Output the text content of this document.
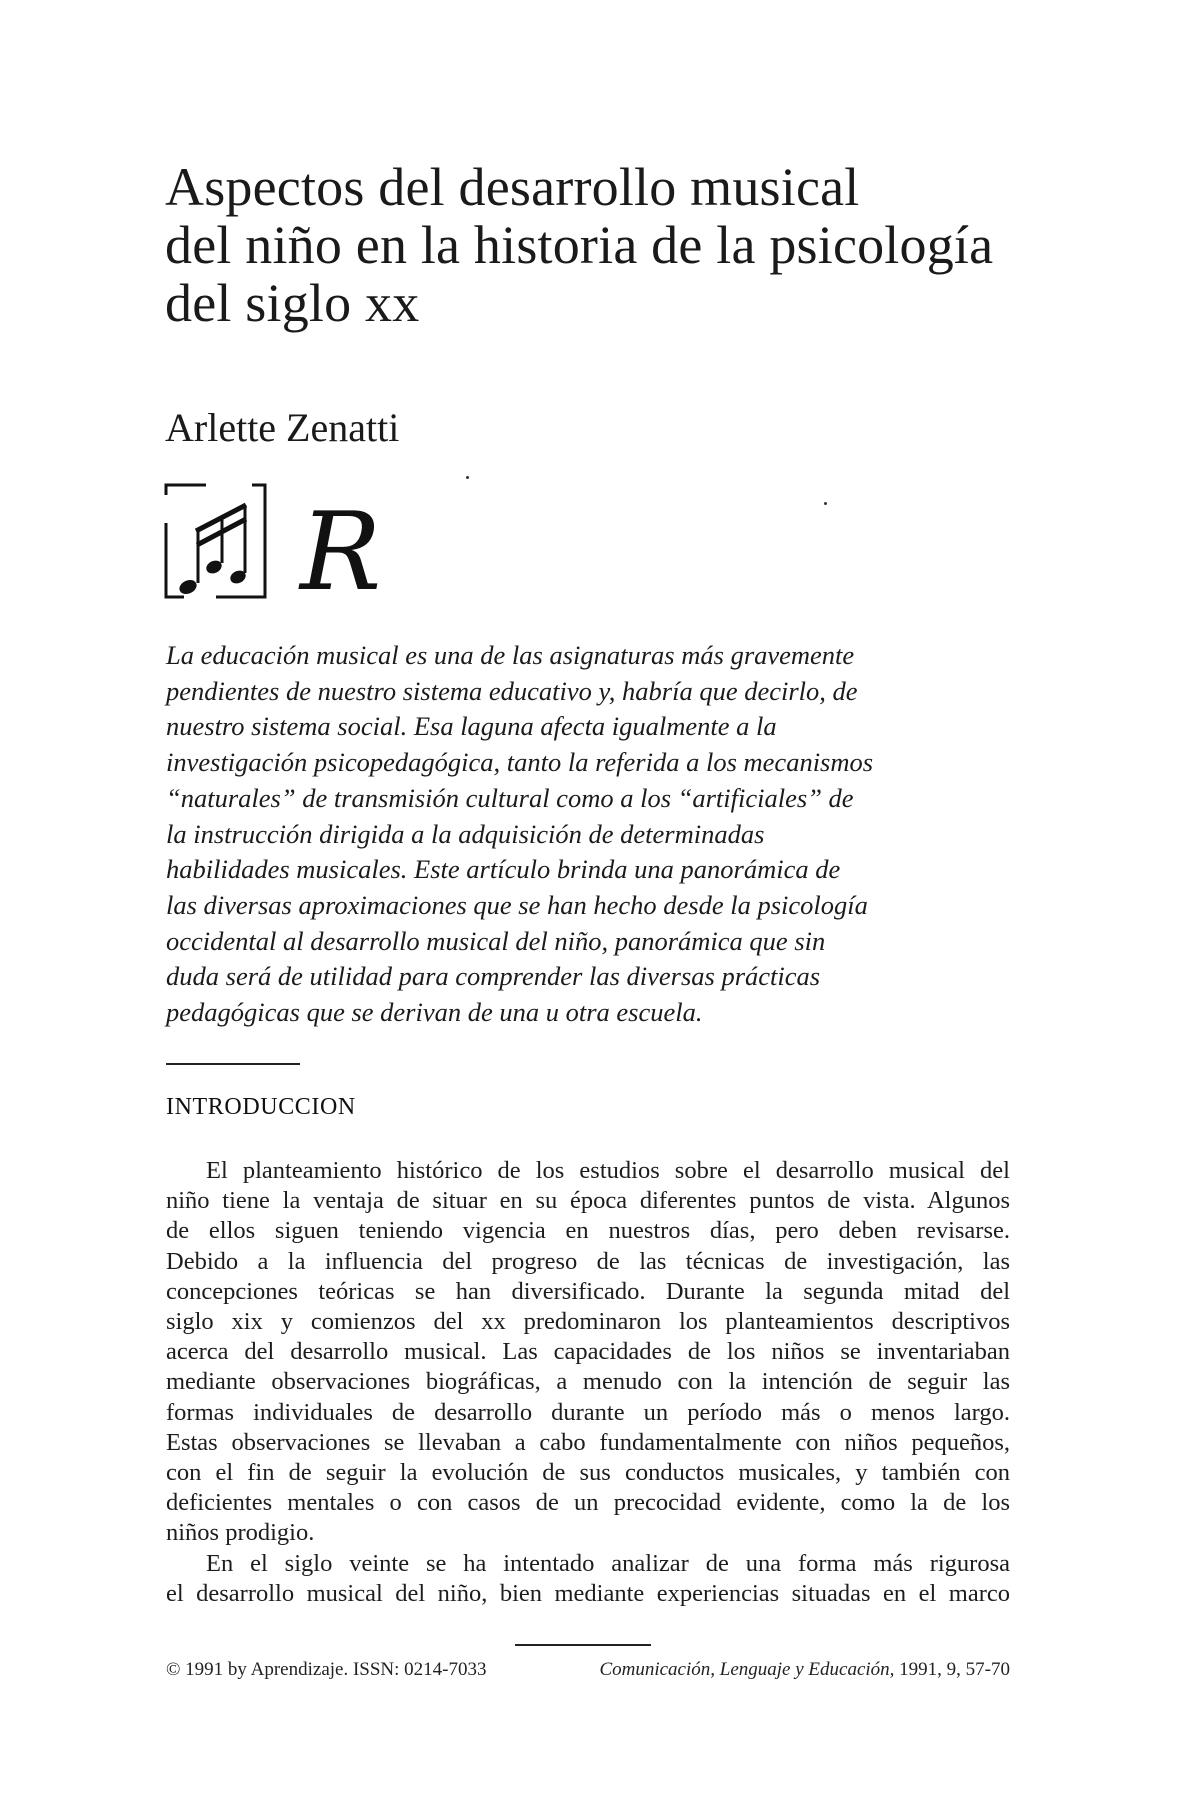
Aspectos del desarrollo musical
del niño en la historia de la psicología
del siglo xx
Arlette Zenatti
R
La educación musical es una de las asignaturas más gravemente
pendientes de nuestro sistema educativo y, habría que decirlo, de
nuestro sistema social. Esa laguna afecta igualmente a la
investigación psicopedagógica, tanto la referida a los mecanismos
“naturales” de transmisión cultural como a los “artificiales” de
la instrucción dirigida a la adquisición de determinadas
habilidades musicales. Este artículo brinda una panorámica de
las diversas aproximaciones que se han hecho desde la psicología
occidental al desarrollo musical del niño, panorámica que sin
duda será de utilidad para comprender las diversas prácticas
pedagógicas que se derivan de una u otra escuela.
INTRODUCCION
El planteamiento histórico de los estudios sobre el desarrollo musical del
niño tiene la ventaja de situar en su época diferentes puntos de vista. Algunos
de ellos siguen teniendo vigencia en nuestros días, pero deben revisarse.
Debido a la influencia del progreso de las técnicas de investigación, las
concepciones teóricas se han diversificado. Durante la segunda mitad del
siglo xix y comienzos del xx predominaron los planteamientos descriptivos
acerca del desarrollo musical. Las capacidades de los niños se inventariaban
mediante observaciones biográficas, a menudo con la intención de seguir las
formas individuales de desarrollo durante un período más o menos largo.
Estas observaciones se llevaban a cabo fundamentalmente con niños pequeños,
con el fin de seguir la evolución de sus conductos musicales, y también con
deficientes mentales o con casos de un precocidad evidente, como la de los
niños prodigio.
En el siglo veinte se ha intentado analizar de una forma más rigurosa
el desarrollo musical del niño, bien mediante experiencias situadas en el marco
© 1991 by Aprendizaje. ISSN: 0214-7033	Comunicación, Lenguaje y Educación, 1991, 9, 57-70
